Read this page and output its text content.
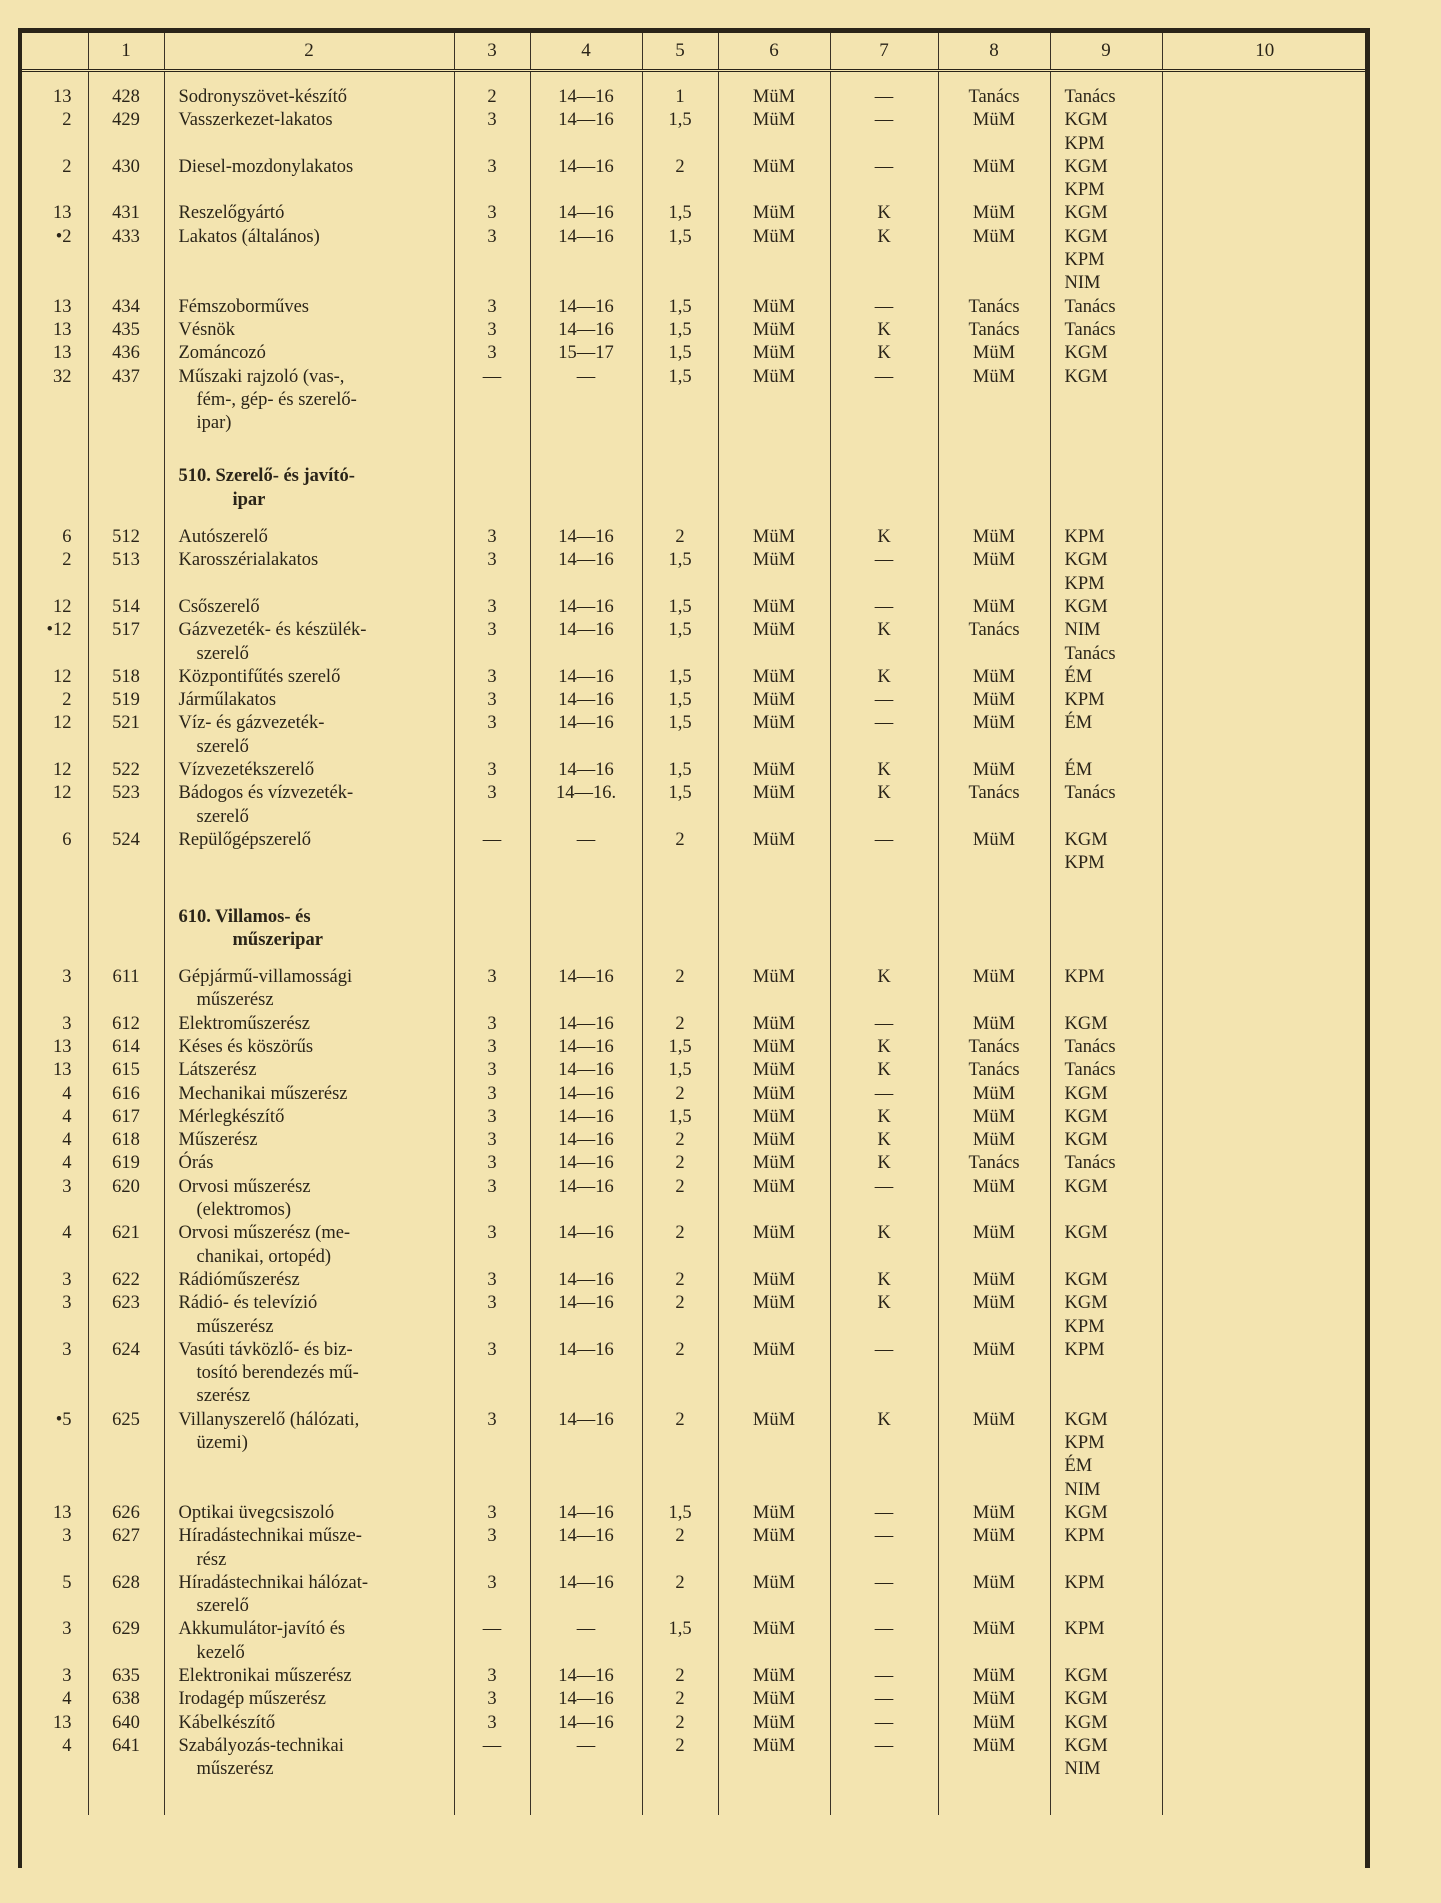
	1	2	3	4	5	6	7	8	9	10

13	428	Sodronyszövet-készítő	2	14—16	1	MüM	—	Tanács	Tanács	

2	429	Vasszerkezet-lakatos	3	14—16	1,5	MüM	—	MüM	KGM
KPM	

2	430	Diesel-mozdonylakatos	3	14—16	2	MüM	—	MüM	KGM
KPM	

13	431	Reszelőgyártó	3	14—16	1,5	MüM	K	MüM	KGM	

•2	433	Lakatos (általános)	3	14—16	1,5	MüM	K	MüM	KGM
KPM
NIM	

13	434	Fémszoborműves	3	14—16	1,5	MüM	—	Tanács	Tanács	

13	435	Vésnök	3	14—16	1,5	MüM	K	Tanács	Tanács	

13	436	Zománcozó	3	15—17	1,5	MüM	K	MüM	KGM	

32	437	Műszaki rajzoló (vas-,
fém-, gép- és szerelő-
ipar)	—	—	1,5	MüM	—	MüM	KGM	

		510. Szerelő- és javító-
ipar								

6	512	Autószerelő	3	14—16	2	MüM	K	MüM	KPM	

2	513	Karosszérialakatos	3	14—16	1,5	MüM	—	MüM	KGM
KPM	

12	514	Csőszerelő	3	14—16	1,5	MüM	—	MüM	KGM	

•12	517	Gázvezeték- és készülék-
szerelő	3	14—16	1,5	MüM	K	Tanács	NIM
Tanács	

12	518	Központifűtés szerelő	3	14—16	1,5	MüM	K	MüM	ÉM	

2	519	Járműlakatos	3	14—16	1,5	MüM	—	MüM	KPM	

12	521	Víz- és gázvezeték-
szerelő	3	14—16	1,5	MüM	—	MüM	ÉM	

12	522	Vízvezetékszerelő	3	14—16	1,5	MüM	K	MüM	ÉM	

12	523	Bádogos és vízvezeték-
szerelő	3	14—16.	1,5	MüM	K	Tanács	Tanács	

6	524	Repülőgépszerelő	—	—	2	MüM	—	MüM	KGM
KPM	

		610. Villamos- és
műszeripar								

3	611	Gépjármű-villamossági
műszerész	3	14—16	2	MüM	K	MüM	KPM	

3	612	Elektroműszerész	3	14—16	2	MüM	—	MüM	KGM	

13	614	Késes és köszörűs	3	14—16	1,5	MüM	K	Tanács	Tanács	

13	615	Látszerész	3	14—16	1,5	MüM	K	Tanács	Tanács	

4	616	Mechanikai műszerész	3	14—16	2	MüM	—	MüM	KGM	

4	617	Mérlegkészítő	3	14—16	1,5	MüM	K	MüM	KGM	

4	618	Műszerész	3	14—16	2	MüM	K	MüM	KGM	

4	619	Órás	3	14—16	2	MüM	K	Tanács	Tanács	

3	620	Orvosi műszerész
(elektromos)	3	14—16	2	MüM	—	MüM	KGM	

4	621	Orvosi műszerész (me-
chanikai, ortopéd)	3	14—16	2	MüM	K	MüM	KGM	

3	622	Rádióműszerész	3	14—16	2	MüM	K	MüM	KGM	

3	623	Rádió- és televízió
műszerész	3	14—16	2	MüM	K	MüM	KGM
KPM	

3	624	Vasúti távközlő- és biz-
tosító berendezés mű-
szerész	3	14—16	2	MüM	—	MüM	KPM	

•5	625	Villanyszerelő (hálózati,
üzemi)	3	14—16	2	MüM	K	MüM	KGM
KPM
ÉM
NIM	

13	626	Optikai üvegcsiszoló	3	14—16	1,5	MüM	—	MüM	KGM	

3	627	Híradástechnikai műsze-
rész	3	14—16	2	MüM	—	MüM	KPM	

5	628	Híradástechnikai hálózat-
szerelő	3	14—16	2	MüM	—	MüM	KPM	

3	629	Akkumulátor-javító és
kezelő	—	—	1,5	MüM	—	MüM	KPM	

3	635	Elektronikai műszerész	3	14—16	2	MüM	—	MüM	KGM	

4	638	Irodagép műszerész	3	14—16	2	MüM	—	MüM	KGM	

13	640	Kábelkészítő	3	14—16	2	MüM	—	MüM	KGM	

4	641	Szabályozás-technikai
műszerész	—	—	2	MüM	—	MüM	KGM
NIM	
